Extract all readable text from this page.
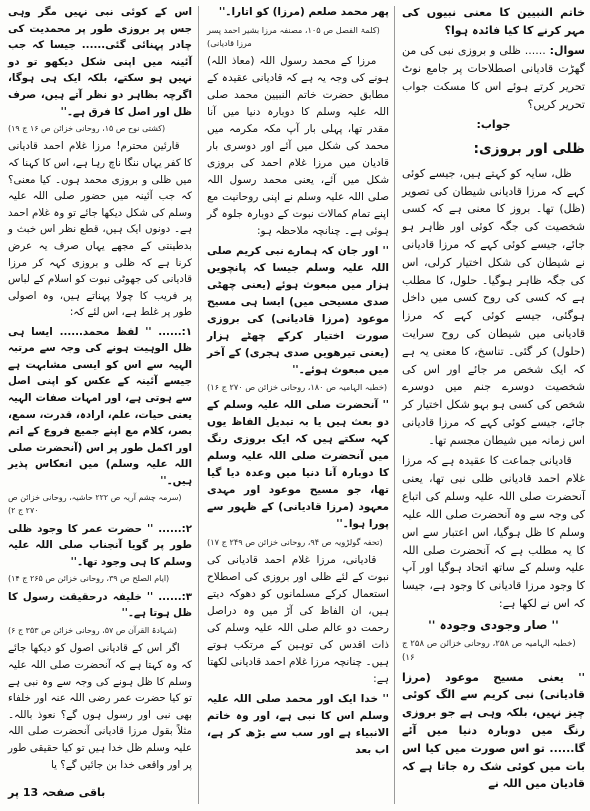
خاتم النبیین کا معنی نبیوں کی مہر کرنے کا کیا فائدہ ہوا؟

سوال: ...... ظلی و بروزی نبی کی من گھڑت قادیانی اصطلاحات پر جامع نوٹ تحریر کرتے ہوئے اس کا مسکت جواب تحریر کریں؟

جواب:

ظلی اور بروزی:

ظل، سایہ کو کہتے ہیں، جیسے کوئی کہے کہ مرزا قادیانی شیطان کی تصویر (ظل) تھا۔ بروز کا معنی ہے کہ کسی شخصیت کی جگہ کوئی اور ظاہر ہو جائے، جیسے کوئی کہے کہ مرزا قادیانی نے شیطان کی شکل اختیار کرلی، اس کی جگہ ظاہر ہوگیا۔ حلول، کا مطلب ہے کہ کسی کی روح کسی میں داخل ہوگئی، جیسے کوئی کہے کہ مرزا قادیانی میں شیطان کی روح سرایت (حلول) کر گئی۔ تناسخ، کا معنی یہ ہے کہ ایک شخص مر جائے اور اس کی شخصیت دوسرے جنم میں دوسرے شخص کی کسی ہو بہو شکل اختیار کر جائے، جیسے کوئی کہے کہ مرزا قادیانی اس زمانہ میں شیطان مجسم تھا۔

قادیانی جماعت کا عقیدہ ہے کہ مرزا غلام احمد قادیانی ظلی نبی تھا، یعنی آنحضرت صلی اللہ علیہ وسلم کی اتباع کی وجہ سے وہ آنحضرت صلی اللہ علیہ وسلم کا ظل ہوگیا، اس اعتبار سے اس کا یہ مطلب ہے کہ آنحضرت صلی اللہ علیہ وسلم کے ساتھ اتحاد ہوگیا اور آپ کا وجود مرزا قادیانی کا وجود ہے، جیسا کہ اس نے لکھا ہے:

'' صار وجودی وجودہ ''

(خطبہ الہامیہ ص ۲۵۸، روحانی خزائن ص ۲۵۸ ج ۱۶)

'' یعنی مسیح موعود (مرزا قادیانی) نبی کریم سے الگ کوئی چیز نہیں، بلکہ وہی ہے جو بروزی رنگ میں دوبارہ دنیا میں آئے گا...... تو اس صورت میں کیا اس بات میں کوئی شک رہ جاتا ہے کہ قادیان میں اللہ نے

پھر محمد صلعم (مرزا) کو اتارا۔''

(کلمۃ الفصل ص ۱۰۵، مصنفہ مرزا بشیر احمد پسر مرزا قادیانی)

مرزا کے محمد رسول اللہ (معاذ اللہ) ہونے کی وجہ یہ ہے کہ قادیانی عقیدہ کے مطابق حضرت خاتم النبیین محمد صلی اللہ علیہ وسلم کا دوبارہ دنیا میں آنا مقدر تھا، پہلی بار آپ مکہ مکرمہ میں محمد کی شکل میں آئے اور دوسری بار قادیان میں مرزا غلام احمد کی بروزی شکل میں آئے، یعنی محمد رسول اللہ صلی اللہ علیہ وسلم نے اپنی روحانیت مع اپنے تمام کمالات نبوت کے دوبارہ جلوہ گر ہوئی ہے۔ چنانچہ ملاحظہ ہو:

'' اور جان کہ ہمارے نبی کریم صلی اللہ علیہ وسلم جیسا کہ پانچویں ہزار میں مبعوث ہوئے (یعنی چھٹی صدی مسیحی میں) ایسا ہی مسیح موعود (مرزا قادیانی) کی بروزی صورت اختیار کرکے چھٹے ہزار (یعنی تیرھویں صدی ہجری) کے آخر میں مبعوث ہوئے۔''

(خطبہ الہامیہ ص ۱۸۰، روحانی خزائن ص ۲۷۰ ج ۱۶)

'' آنحضرت صلی اللہ علیہ وسلم کے دو بعث ہیں یا بہ تبدیل الفاظ یوں کہہ سکتے ہیں کہ ایک بروزی رنگ میں آنحضرت صلی اللہ علیہ وسلم کا دوبارہ آنا دنیا میں وعدہ دیا گیا تھا، جو مسیح موعود اور مہدی معہود (مرزا قادیانی) کے ظہور سے پورا ہوا۔''

(تحفہ گولڑویہ ص ۹۴، روحانی خزائن ص ۲۴۹ ج ۱۷)

قادیانی، مرزا غلام احمد قادیانی کی نبوت کے لئے ظلی اور بروزی کی اصطلاح استعمال کرکے مسلمانوں کو دھوکہ دیتے ہیں، ان الفاظ کی آڑ میں وہ دراصل رحمت دو عالم صلی اللہ علیہ وسلم کی ذات اقدس کی توہین کے مرتکب ہوتے ہیں۔ چنانچہ مرزا غلام احمد قادیانی لکھتا ہے:

'' خدا ایک اور محمد صلی اللہ علیہ وسلم اس کا نبی ہے، اور وہ خاتم الانبیاء ہے اور سب سے بڑھ کر ہے، اب بعد

اس کے کوئی نبی نہیں مگر وہی جس پر بروزی طور پر محمدیت کی چادر پہنائی گئی...... جیسا کہ جب آئینہ میں اپنی شکل دیکھو تو دو نہیں ہو سکتے، بلکہ ایک ہی ہوگا، اگرچہ بظاہر دو نظر آتے ہیں، صرف ظل اور اصل کا فرق ہے۔''

(کشتی نوح ص ۱۵، روحانی خزائن ص ۱۶ ج ۱۹)

قارئین محترم! مرزا غلام احمد قادیانی کا کفر یہاں ننگا ناچ رہا ہے، اس کا کہنا کہ میں ظلی و بروزی محمد ہوں۔ کیا معنی؟ کہ جب آئینہ میں حضور صلی اللہ علیہ وسلم کی شکل دیکھا جائے تو وہ غلام احمد ہے۔ دونوں ایک ہیں، قطع نظر اس خبث و بدطینتی کے مجھے یہاں صرف یہ عرض کرنا ہے کہ ظلی و بروزی کہہ کر مرزا قادیانی کی جھوٹی نبوت کو اسلام کے لباس پر فریب کا چولا پہناتے ہیں، وہ اصولی طور پر غلط ہے، اس لئے کہ:

۱:...... '' لفظ محمد...... ایسا ہی ظل الوہیت ہونے کی وجہ سے مرتبہ الہیہ سے اس کو ایسی مشابہت ہے جیسے آئینہ کے عکس کو اپنی اصل سے ہوتی ہے، اور امہات صفات الہیہ یعنی حیات، علم، ارادہ، قدرت، سمع، بصر، کلام مع اپنے جمیع فروع کے اتم اور اکمل طور پر اس (آنحضرت صلی اللہ علیہ وسلم) میں انعکاس پذیر ہیں۔''

(سرمہ چشم آریہ ص ۲۲۲ حاشیہ، روحانی خزائن ص ۲۷۰ ج ۲)

۲:...... '' حضرت عمر کا وجود ظلی طور پر گویا آنجناب صلی اللہ علیہ وسلم کا ہی وجود تھا۔''

(ایام الصلح ص ۳۹، روحانی خزائن ص ۲۶۵ ج ۱۴)

۳:...... '' خلیفہ درحقیقت رسول کا ظل ہوتا ہے۔''

(شہادۃ القرآن ص ۵۷، روحانی خزائن ص ۳۵۳ ج ۶)

اگر اس کے قادیانی اصول کو دیکھا جائے کہ وہ کہتا ہے کہ آنحضرت صلی اللہ علیہ وسلم کا ظل ہونے کی وجہ سے وہ نبی ہے تو کیا حضرت عمر رضی اللہ عنہ اور خلفاء بھی نبی اور رسول ہوں گے؟ نعوذ باللہ۔ مثلاً بقول مرزا قادیانی آنحضرت صلی اللہ علیہ وسلم ظل خدا ہیں تو کیا حقیقی طور پر اور واقعی خدا بن جائیں گے؟ یا

باقی صفحہ 13 پر
